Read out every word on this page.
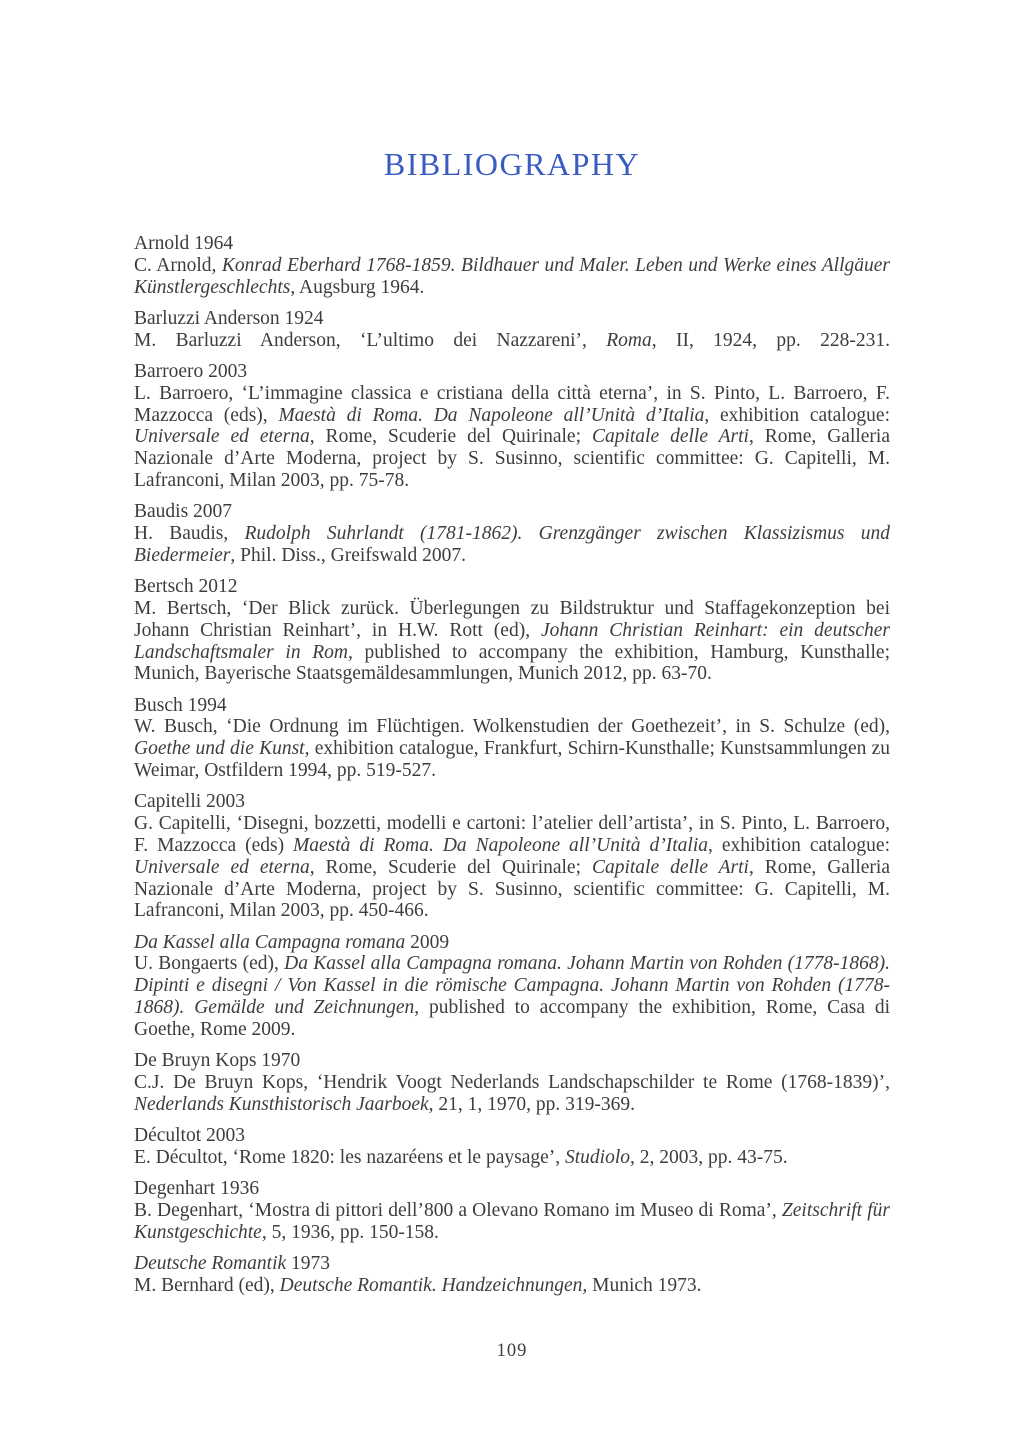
BIBLIOGRAPHY

Arnold 1964

C. Arnold, Konrad Eberhard 1768-1859. Bildhauer und Maler. Leben und Werke eines Allgäuer Künstlergeschlechts, Augsburg 1964.

Barluzzi Anderson 1924

M. Barluzzi Anderson, ‘L’ultimo dei Nazzareni’, Roma, II, 1924, pp. 228-231.

Barroero 2003

L. Barroero, ‘L’immagine classica e cristiana della città eterna’, in S. Pinto, L. Barroero, F. Mazzocca (eds), Maestà di Roma. Da Napoleone all’Unità d’Italia, exhibition catalogue: Universale ed eterna, Rome, Scuderie del Quirinale; Capitale delle Arti, Rome, Galleria Nazionale d’Arte Moderna, project by S. Susinno, scientific committee: G. Capitelli, M. Lafranconi, Milan 2003, pp. 75-78.

Baudis 2007

H. Baudis, Rudolph Suhrlandt (1781-1862). Grenzgänger zwischen Klassizismus und Biedermeier, Phil. Diss., Greifswald 2007.

Bertsch 2012

M. Bertsch, ‘Der Blick zurück. Überlegungen zu Bildstruktur und Staffagekonzeption bei Johann Christian Reinhart’, in H.W. Rott (ed), Johann Christian Reinhart: ein deutscher Landschaftsmaler in Rom, published to accompany the exhibition, Hamburg, Kunsthalle; Munich, Bayerische Staatsgemäldesammlungen, Munich 2012, pp. 63-70.

Busch 1994

W. Busch, ‘Die Ordnung im Flüchtigen. Wolkenstudien der Goethezeit’, in S. Schulze (ed), Goethe und die Kunst, exhibition catalogue, Frankfurt, Schirn-Kunsthalle; Kunstsammlungen zu Weimar, Ostfildern 1994, pp. 519-527.

Capitelli 2003

G. Capitelli, ‘Disegni, bozzetti, modelli e cartoni: l’atelier dell’artista’, in S. Pinto, L. Barroero, F. Mazzocca (eds) Maestà di Roma. Da Napoleone all’Unità d’Italia, exhibition catalogue: Universale ed eterna, Rome, Scuderie del Quirinale; Capitale delle Arti, Rome, Galleria Nazionale d’Arte Moderna, project by S. Susinno, scientific committee: G. Capitelli, M. Lafranconi, Milan 2003, pp. 450-466.

Da Kassel alla Campagna romana 2009

U. Bongaerts (ed), Da Kassel alla Campagna romana. Johann Martin von Rohden (1778-1868). Dipinti e disegni / Von Kassel in die römische Campagna. Johann Martin von Rohden (1778-1868). Gemälde und Zeichnungen, published to accompany the exhibition, Rome, Casa di Goethe, Rome 2009.

De Bruyn Kops 1970

C.J. De Bruyn Kops, ‘Hendrik Voogt Nederlands Landschapschilder te Rome (1768-1839)’, Nederlands Kunsthistorisch Jaarboek, 21, 1, 1970, pp. 319-369.

Décultot 2003

E. Décultot, ‘Rome 1820: les nazaréens et le paysage’, Studiolo, 2, 2003, pp. 43-75.

Degenhart 1936

B. Degenhart, ‘Mostra di pittori dell’800 a Olevano Romano im Museo di Roma’, Zeitschrift für Kunstgeschichte, 5, 1936, pp. 150-158.

Deutsche Romantik 1973

M. Bernhard (ed), Deutsche Romantik. Handzeichnungen, Munich 1973.

109
